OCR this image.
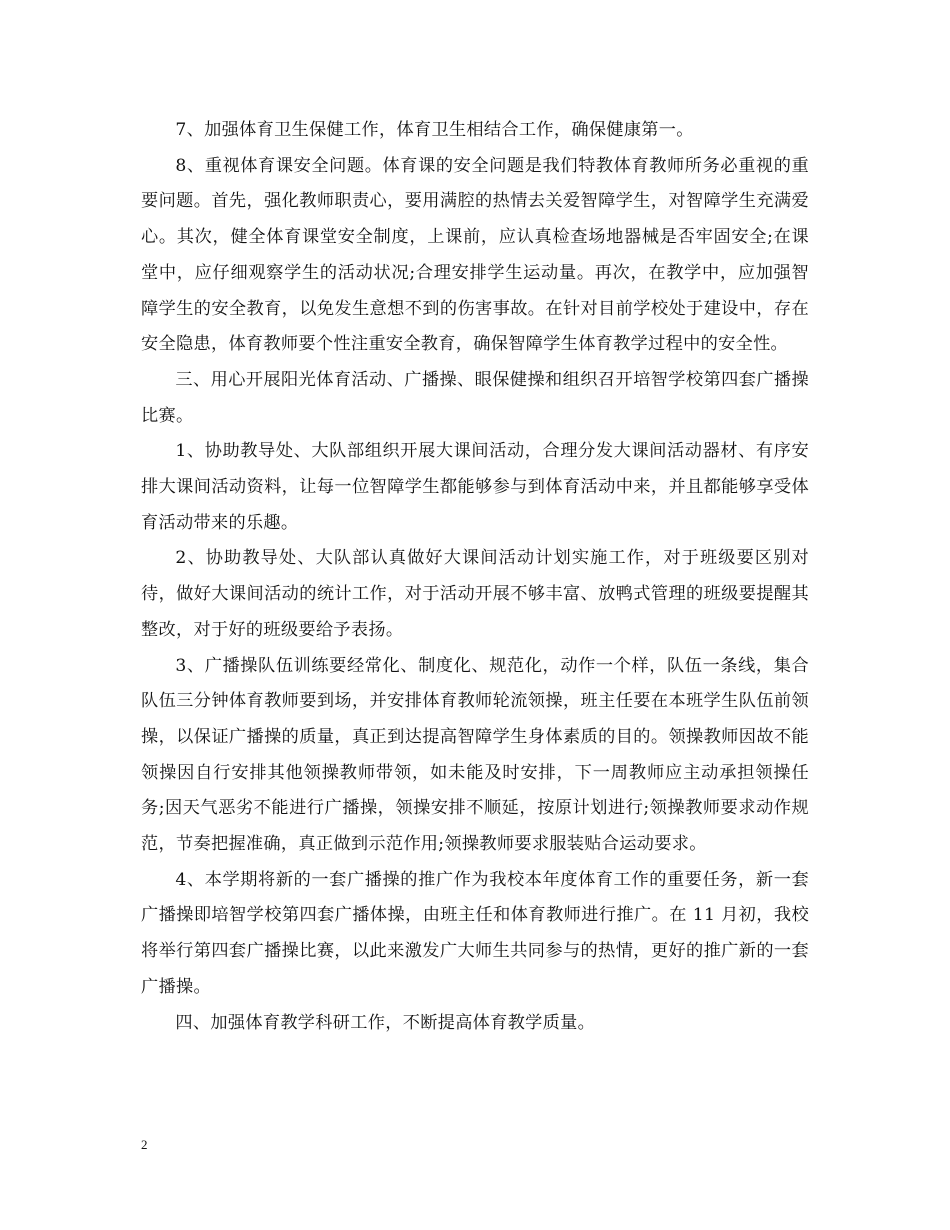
7、加强体育卫生保健工作，体育卫生相结合工作，确保健康第一。

8、重视体育课安全问题。体育课的安全问题是我们特教体育教师所务必重视的重要问题。首先，强化教师职责心，要用满腔的热情去关爱智障学生，对智障学生充满爱心。其次，健全体育课堂安全制度，上课前，应认真检查场地器械是否牢固安全;在课堂中，应仔细观察学生的活动状况;合理安排学生运动量。再次，在教学中，应加强智障学生的安全教育，以免发生意想不到的伤害事故。在针对目前学校处于建设中，存在安全隐患，体育教师要个性注重安全教育，确保智障学生体育教学过程中的安全性。

三、用心开展阳光体育活动、广播操、眼保健操和组织召开培智学校第四套广播操比赛。

1、协助教导处、大队部组织开展大课间活动，合理分发大课间活动器材、有序安排大课间活动资料，让每一位智障学生都能够参与到体育活动中来，并且都能够享受体育活动带来的乐趣。

2、协助教导处、大队部认真做好大课间活动计划实施工作，对于班级要区别对待，做好大课间活动的统计工作，对于活动开展不够丰富、放鸭式管理的班级要提醒其整改，对于好的班级要给予表扬。

3、广播操队伍训练要经常化、制度化、规范化，动作一个样，队伍一条线，集合队伍三分钟体育教师要到场，并安排体育教师轮流领操，班主任要在本班学生队伍前领操，以保证广播操的质量，真正到达提高智障学生身体素质的目的。领操教师因故不能领操因自行安排其他领操教师带领，如未能及时安排，下一周教师应主动承担领操任务;因天气恶劣不能进行广播操，领操安排不顺延，按原计划进行;领操教师要求动作规范，节奏把握准确，真正做到示范作用;领操教师要求服装贴合运动要求。

4、本学期将新的一套广播操的推广作为我校本年度体育工作的重要任务，新一套广播操即培智学校第四套广播体操，由班主任和体育教师进行推广。在 11 月初，我校将举行第四套广播操比赛，以此来激发广大师生共同参与的热情，更好的推广新的一套广播操。

四、加强体育教学科研工作，不断提高体育教学质量。

2
